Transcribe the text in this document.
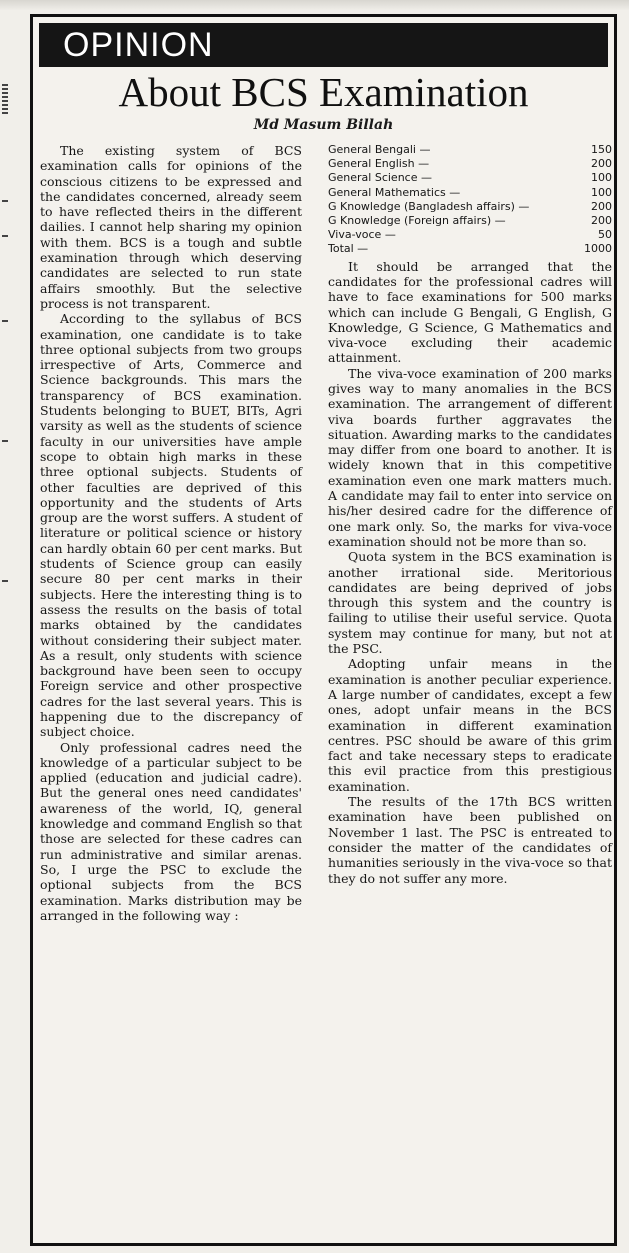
OPINION
About BCS Examination
Md Masum Billah

The existing system of BCS examination calls for opinions of the conscious citizens to be expressed and the candidates concerned, already seem to have reflected theirs in the different dailies. I cannot help sharing my opinion with them. BCS is a tough and subtle examination through which deserving candidates are selected to run state affairs smoothly. But the selective process is not transparent.

According to the syllabus of BCS examination, one candidate is to take three optional subjects from two groups irrespective of Arts, Commerce and Science backgrounds. This mars the transparency of BCS examination. Students belonging to BUET, BITs, Agri varsity as well as the students of science faculty in our universities have ample scope to obtain high marks in these three optional subjects. Students of other faculties are deprived of this opportunity and the students of Arts group are the worst suffers. A student of literature or political science or history can hardly obtain 60 per cent marks. But students of Science group can easily secure 80 per cent marks in their subjects. Here the interesting thing is to assess the results on the basis of total marks obtained by the candidates without considering their subject mater. As a result, only students with science background have been seen to occupy Foreign service and other prospective cadres for the last several years. This is happening due to the discrepancy of subject choice.

Only professional cadres need the knowledge of a particular subject to be applied (education and judicial cadre). But the general ones need candidates' awareness of the world, IQ, general knowledge and command English so that those are selected for these cadres can run administrative and similar arenas. So, I urge the PSC to exclude the optional subjects from the BCS examination. Marks distribution may be arranged in the following way :

General Bengali —	150
General English —	200
General Science —	100
General Mathematics —	100
G Knowledge (Bangladesh affairs) —	200
G Knowledge (Foreign affairs) —	200
Viva-voce —	50
Total —	1000

It should be arranged that the candidates for the professional cadres will have to face examinations for 500 marks which can include G Bengali, G English, G Knowledge, G Science, G Mathematics and viva-voce excluding their academic attainment.

The viva-voce examination of 200 marks gives way to many anomalies in the BCS examination. The arrangement of different viva boards further aggravates the situation. Awarding marks to the candidates may differ from one board to another. It is widely known that in this competitive examination even one mark matters much. A candidate may fail to enter into service on his/her desired cadre for the difference of one mark only. So, the marks for viva-voce examination should not be more than so.

Quota system in the BCS examination is another irrational side. Meritorious candidates are being deprived of jobs through this system and the country is failing to utilise their useful service. Quota system may continue for many, but not at the PSC.

Adopting unfair means in the examination is another peculiar experience. A large number of candidates, except a few ones, adopt unfair means in the BCS examination in different examination centres. PSC should be aware of this grim fact and take necessary steps to eradicate this evil practice from this prestigious examination.

The results of the 17th BCS written examination have been published on November 1 last. The PSC is entreated to consider the matter of the candidates of humanities seriously in the viva-voce so that they do not suffer any more.
